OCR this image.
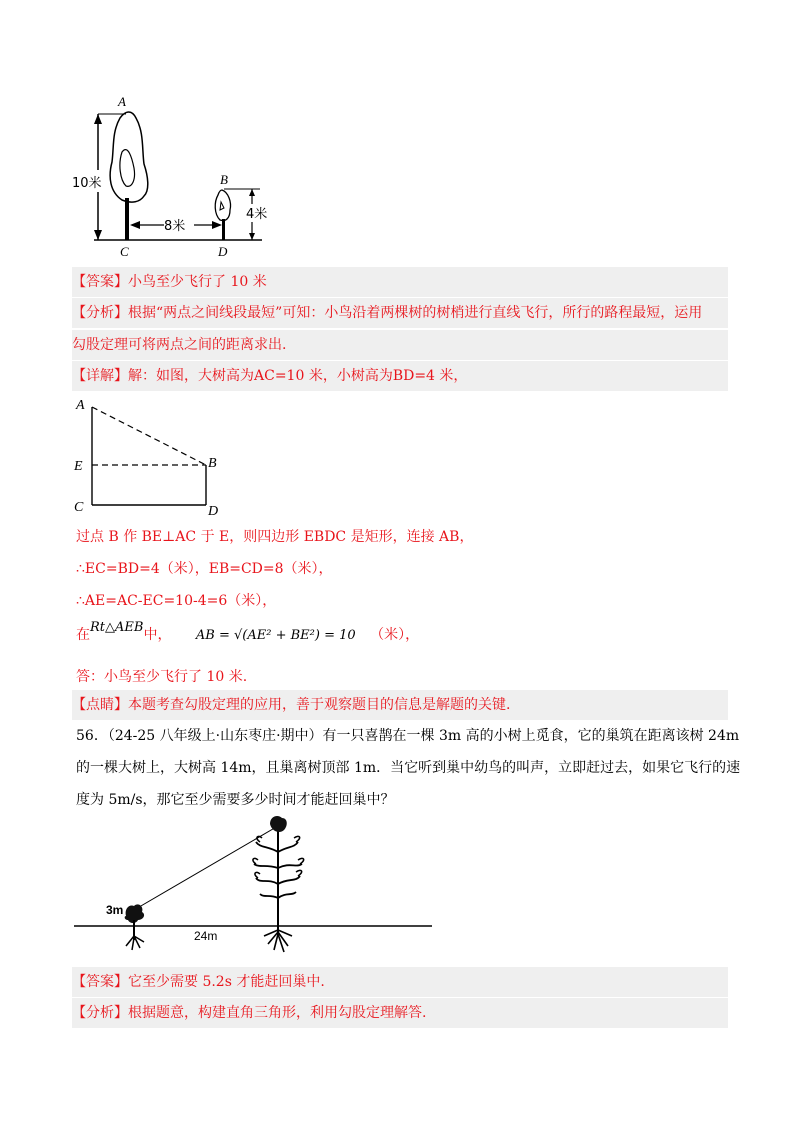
A
B
C	D
10米
8米
4米
【答案】小鸟至少飞行了 10 米
【分析】根据“两点之间线段最短”可知：小鸟沿着两棵树的树梢进行直线飞行，所行的路程最短，运用
勾股定理可将两点之间的距离求出.
【详解】解：如图，大树高为AC=10 米，小树高为BD=4 米，
A
E	B
C	D
过点 B 作 BE⊥AC 于 E，则四边形 EBDC 是矩形，连接 AB，
∴EC=BD=4（米），EB=CD=8（米），
∴AE=AC-EC=10-4=6（米），
在Rt△AEB中， AB = √(AE² + BE²) = 10 （米），
答：小鸟至少飞行了 10 米.
【点睛】本题考查勾股定理的应用，善于观察题目的信息是解题的关键.
56．（24-25 八年级上·山东枣庄·期中）有一只喜鹊在一棵 3m 高的小树上觅食，它的巢筑在距离该树 24m
的一棵大树上，大树高 14m，且巢离树顶部 1m．当它听到巢中幼鸟的叫声，立即赶过去，如果它飞行的速
度为 5m/s，那它至少需要多少时间才能赶回巢中？
3m
24m
【答案】它至少需要 5.2s 才能赶回巢中.
【分析】根据题意，构建直角三角形，利用勾股定理解答.
